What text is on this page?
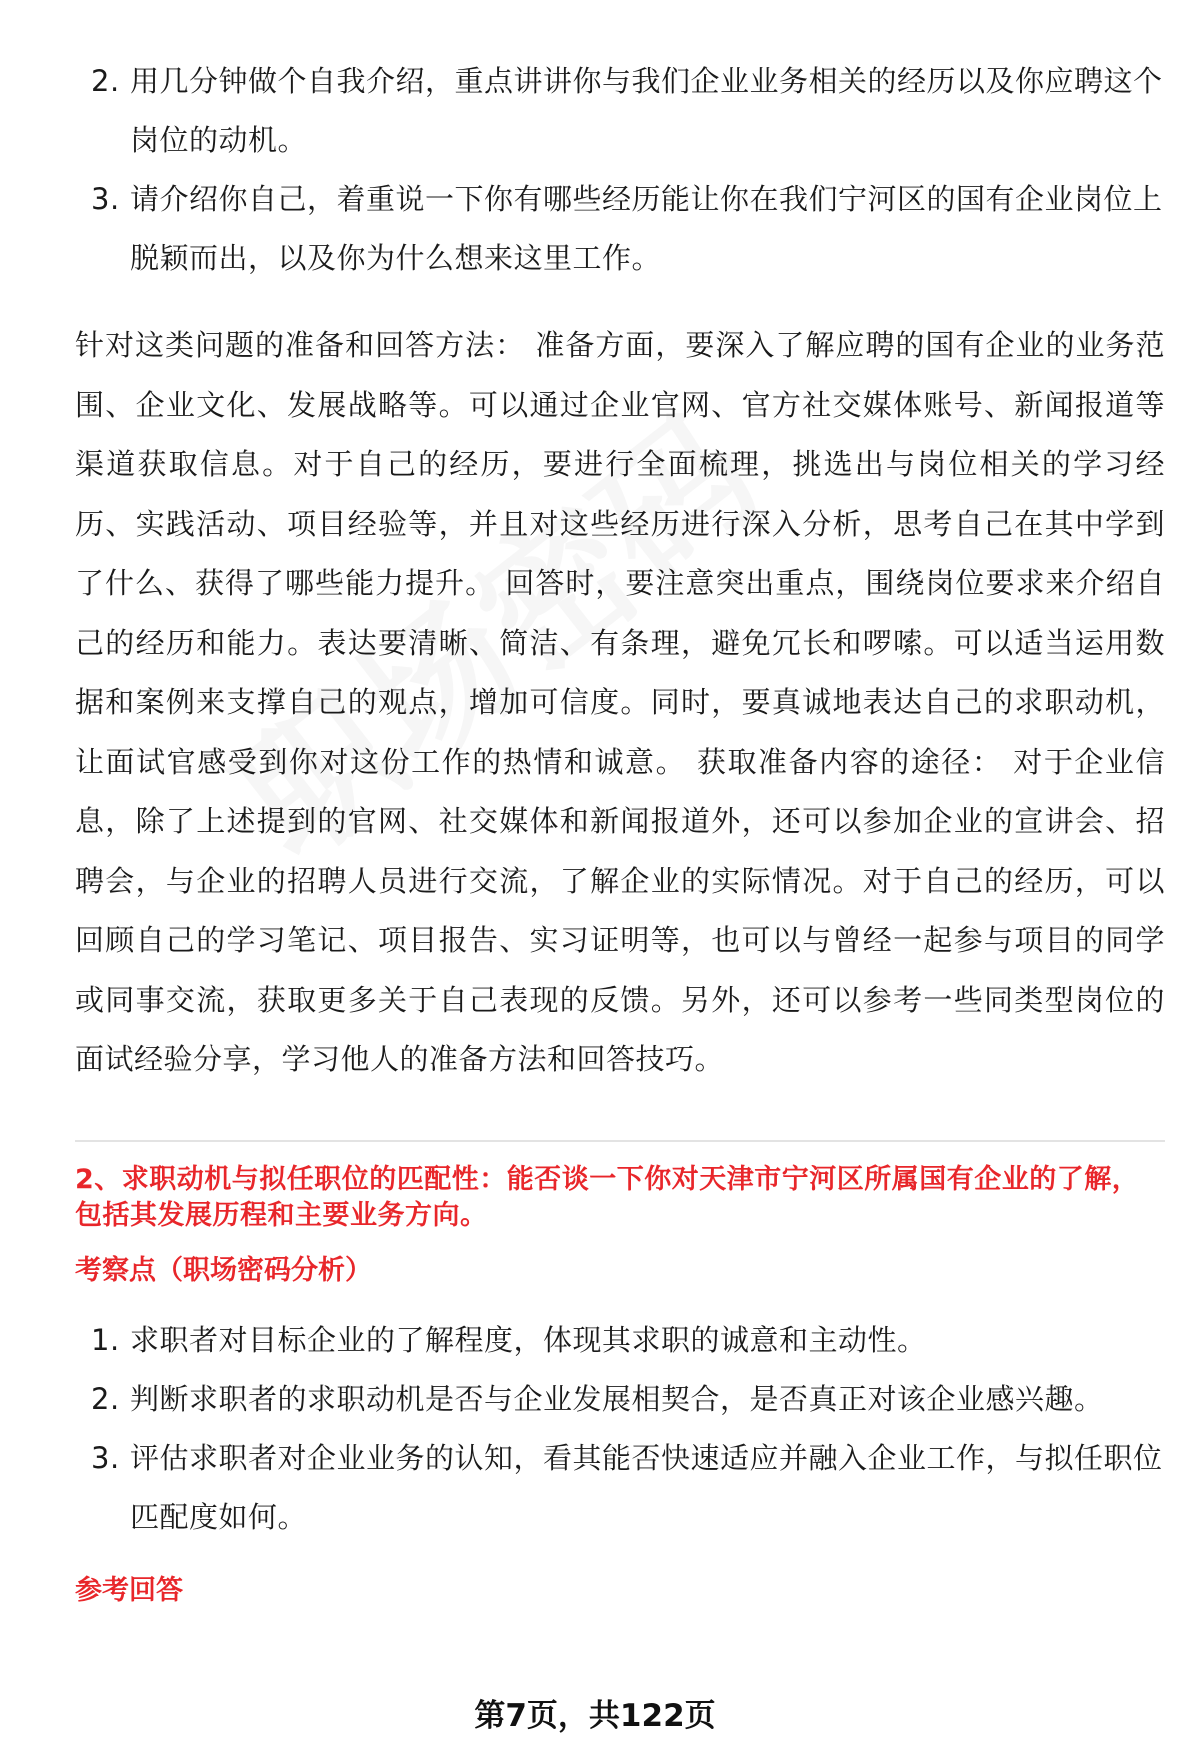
2. 用几分钟做个自我介绍，重点讲讲你与我们企业业务相关的经历以及你应聘这个岗位的动机。
3. 请介绍你自己，着重说一下你有哪些经历能让你在我们宁河区的国有企业岗位上脱颖而出，以及你为什么想来这里工作。

针对这类问题的准备和回答方法： 准备方面，要深入了解应聘的国有企业的业务范围、企业文化、发展战略等。可以通过企业官网、官方社交媒体账号、新闻报道等渠道获取信息。对于自己的经历，要进行全面梳理，挑选出与岗位相关的学习经历、实践活动、项目经验等，并且对这些经历进行深入分析，思考自己在其中学到了什么、获得了哪些能力提升。 回答时，要注意突出重点，围绕岗位要求来介绍自己的经历和能力。表达要清晰、简洁、有条理，避免冗长和啰嗦。可以适当运用数据和案例来支撑自己的观点，增加可信度。同时，要真诚地表达自己的求职动机，让面试官感受到你对这份工作的热情和诚意。 获取准备内容的途径： 对于企业信息，除了上述提到的官网、社交媒体和新闻报道外，还可以参加企业的宣讲会、招聘会，与企业的招聘人员进行交流，了解企业的实际情况。对于自己的经历，可以回顾自己的学习笔记、项目报告、实习证明等，也可以与曾经一起参与项目的同学或同事交流，获取更多关于自己表现的反馈。另外，还可以参考一些同类型岗位的面试经验分享，学习他人的准备方法和回答技巧。

2、求职动机与拟任职位的匹配性：能否谈一下你对天津市宁河区所属国有企业的了解，包括其发展历程和主要业务方向。
考察点（职场密码分析）
1. 求职者对目标企业的了解程度，体现其求职的诚意和主动性。
2. 判断求职者的求职动机是否与企业发展相契合，是否真正对该企业感兴趣。
3. 评估求职者对企业业务的认知，看其能否快速适应并融入企业工作，与拟任职位匹配度如何。
参考回答
第7页，共122页
